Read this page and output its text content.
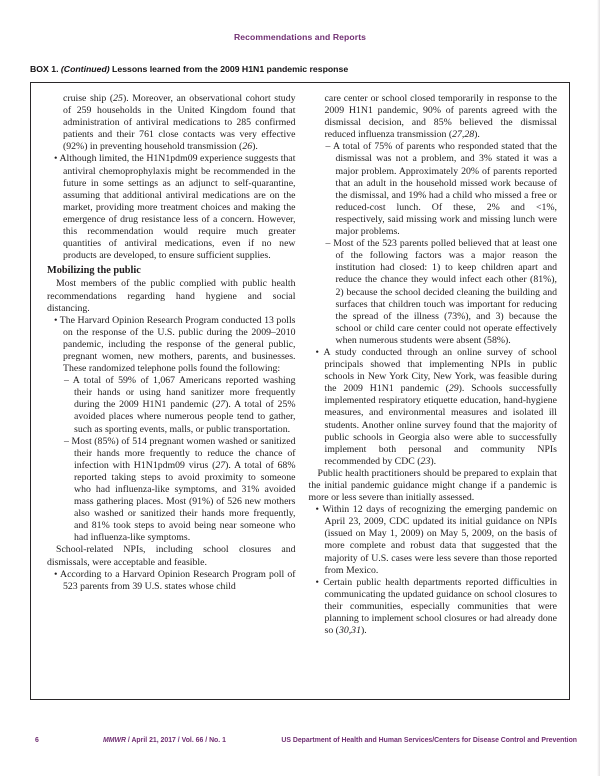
Recommendations and Reports
BOX 1. (Continued) Lessons learned from the 2009 H1N1 pandemic response
cruise ship (25). Moreover, an observational cohort study of 259 households in the United Kingdom found that administration of antiviral medications to 285 confirmed patients and their 761 close contacts was very effective (92%) in preventing household transmission (26).
• Although limited, the H1N1pdm09 experience suggests that antiviral chemoprophylaxis might be recommended in the future in some settings as an adjunct to self-quarantine, assuming that additional antiviral medications are on the market, providing more treatment choices and making the emergence of drug resistance less of a concern. However, this recommendation would require much greater quantities of antiviral medications, even if no new products are developed, to ensure sufficient supplies.
Mobilizing the public
Most members of the public complied with public health recommendations regarding hand hygiene and social distancing.
• The Harvard Opinion Research Program conducted 13 polls on the response of the U.S. public during the 2009–2010 pandemic, including the response of the general public, pregnant women, new mothers, parents, and businesses. These randomized telephone polls found the following:
– A total of 59% of 1,067 Americans reported washing their hands or using hand sanitizer more frequently during the 2009 H1N1 pandemic (27). A total of 25% avoided places where numerous people tend to gather, such as sporting events, malls, or public transportation.
– Most (85%) of 514 pregnant women washed or sanitized their hands more frequently to reduce the chance of infection with H1N1pdm09 virus (27). A total of 68% reported taking steps to avoid proximity to someone who had influenza-like symptoms, and 31% avoided mass gathering places. Most (91%) of 526 new mothers also washed or sanitized their hands more frequently, and 81% took steps to avoid being near someone who had influenza-like symptoms.
School-related NPIs, including school closures and dismissals, were acceptable and feasible.
• According to a Harvard Opinion Research Program poll of 523 parents from 39 U.S. states whose child
care center or school closed temporarily in response to the 2009 H1N1 pandemic, 90% of parents agreed with the dismissal decision, and 85% believed the dismissal reduced influenza transmission (27,28).
– A total of 75% of parents who responded stated that the dismissal was not a problem, and 3% stated it was a major problem. Approximately 20% of parents reported that an adult in the household missed work because of the dismissal, and 19% had a child who missed a free or reduced-cost lunch. Of these, 2% and <1%, respectively, said missing work and missing lunch were major problems.
– Most of the 523 parents polled believed that at least one of the following factors was a major reason the institution had closed: 1) to keep children apart and reduce the chance they would infect each other (81%), 2) because the school decided cleaning the building and surfaces that children touch was important for reducing the spread of the illness (73%), and 3) because the school or child care center could not operate effectively when numerous students were absent (58%).
• A study conducted through an online survey of school principals showed that implementing NPIs in public schools in New York City, New York, was feasible during the 2009 H1N1 pandemic (29). Schools successfully implemented respiratory etiquette education, hand-hygiene measures, and environmental measures and isolated ill students. Another online survey found that the majority of public schools in Georgia also were able to successfully implement both personal and community NPIs recommended by CDC (23).
Public health practitioners should be prepared to explain that the initial pandemic guidance might change if a pandemic is more or less severe than initially assessed.
• Within 12 days of recognizing the emerging pandemic on April 23, 2009, CDC updated its initial guidance on NPIs (issued on May 1, 2009) on May 5, 2009, on the basis of more complete and robust data that suggested that the majority of U.S. cases were less severe than those reported from Mexico.
• Certain public health departments reported difficulties in communicating the updated guidance on school closures to their communities, especially communities that were planning to implement school closures or had already done so (30,31).
6	MMWR / April 21, 2017 / Vol. 66 / No. 1	US Department of Health and Human Services/Centers for Disease Control and Prevention
